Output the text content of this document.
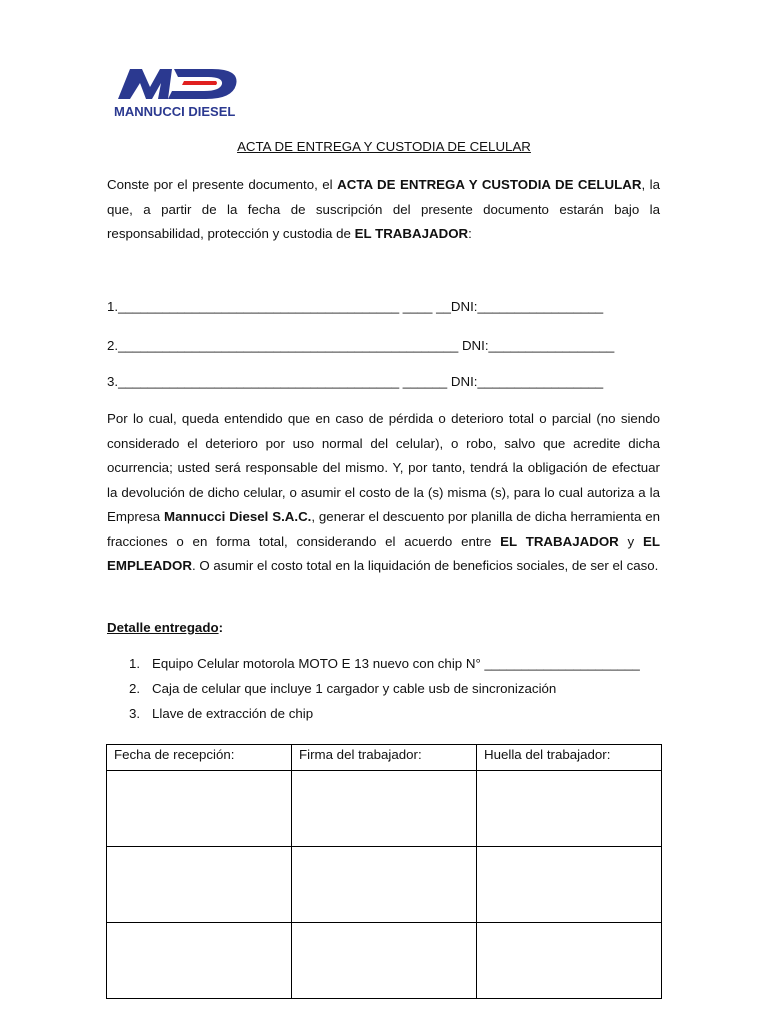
MANNUCCI DIESEL
ACTA DE ENTREGA Y CUSTODIA DE CELULAR
Conste por el presente documento, el ACTA DE ENTREGA Y CUSTODIA DE CELULAR, la que, a partir de la fecha de suscripción del presente documento estarán bajo la responsabilidad, protección y custodia de EL TRABAJADOR:
1.______________________________________ ____ __DNI:_________________
2.______________________________________________ DNI:_________________
3.______________________________________ ______ DNI:_________________
Por lo cual, queda entendido que en caso de pérdida o deterioro total o parcial (no siendo considerado el deterioro por uso normal del celular), o robo, salvo que acredite dicha ocurrencia; usted será responsable del mismo. Y, por tanto, tendrá la obligación de efectuar la devolución de dicho celular, o asumir el costo de la (s) misma (s), para lo cual autoriza a la Empresa Mannucci Diesel S.A.C., generar el descuento por planilla de dicha herramienta en fracciones o en forma total, considerando el acuerdo entre EL TRABAJADOR y EL EMPLEADOR. O asumir el costo total en la liquidación de beneficios sociales, de ser el caso.
Detalle entregado:
1. Equipo Celular motorola MOTO E 13 nuevo con chip N° _____________________
2. Caja de celular que incluye 1 cargador y cable usb de sincronización
3. Llave de extracción de chip
Fecha de recepción:	Firma del trabajador:	Huella del trabajador:
